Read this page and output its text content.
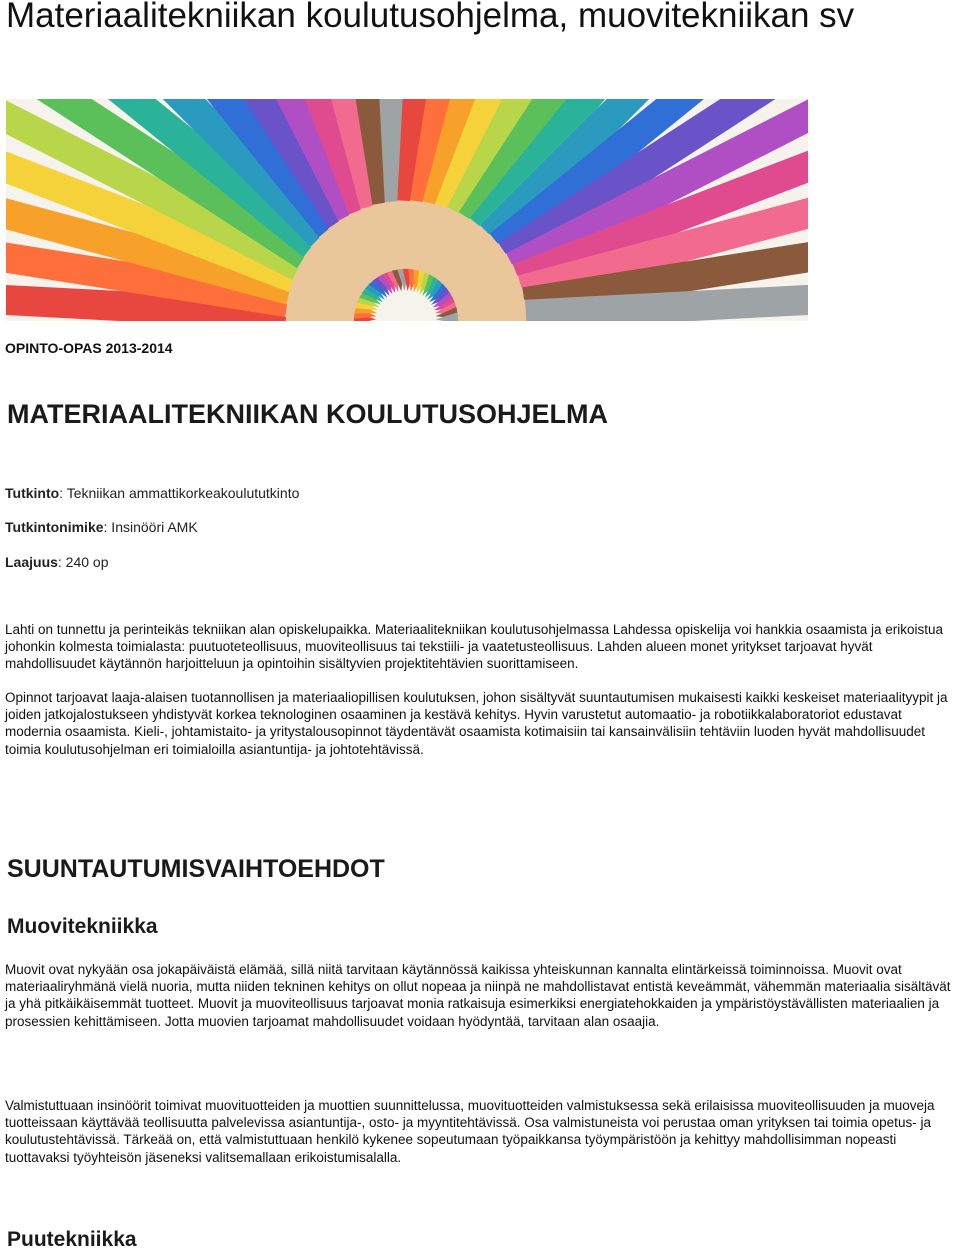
Materiaalitekniikan koulutusohjelma, muovitekniikan sv
OPINTO-OPAS 2013-2014
MATERIAALITEKNIIKAN KOULUTUSOHJELMA
Tutkinto: Tekniikan ammattikorkeakoulututkinto
Tutkintonimike: Insinööri AMK
Laajuus: 240 op

Lahti on tunnettu ja perinteikäs tekniikan alan opiskelupaikka. Materiaalitekniikan koulutusohjelmassa Lahdessa opiskelija voi hankkia osaamista ja erikoistua johonkin kolmesta toimialasta: puutuoteteollisuus, muoviteollisuus tai tekstiili- ja vaatetusteollisuus. Lahden alueen monet yritykset tarjoavat hyvät mahdollisuudet käytännön harjoitteluun ja opintoihin sisältyvien projektitehtävien suorittamiseen.

Opinnot tarjoavat laaja-alaisen tuotannollisen ja materiaaliopillisen koulutuksen, johon sisältyvät suuntautumisen mukaisesti kaikki keskeiset materiaalityypit ja joiden jatkojalostukseen yhdistyvät korkea teknologinen osaaminen ja kestävä kehitys. Hyvin varustetut automaatio- ja robotiikkalaboratoriot edustavat modernia osaamista. Kieli-, johtamistaito- ja yritystalousopinnot täydentävät osaamista kotimaisiin tai kansainvälisiin tehtäviin luoden hyvät mahdollisuudet toimia koulutusohjelman eri toimialoilla asiantuntija- ja johtotehtävissä.

SUUNTAUTUMISVAIHTOEHDOT
Muovitekniikka

Muovit ovat nykyään osa jokapäiväistä elämää, sillä niitä tarvitaan käytännössä kaikissa yhteiskunnan kannalta elintärkeissä toiminnoissa. Muovit ovat materiaaliryhmänä vielä nuoria, mutta niiden tekninen kehitys on ollut nopeaa ja niinpä ne mahdollistavat entistä keveämmät, vähemmän materiaalia sisältävät ja yhä pitkäikäisemmät tuotteet. Muovit ja muoviteollisuus tarjoavat monia ratkaisuja esimerkiksi energiatehokkaiden ja ympäristöystävällisten materiaalien ja prosessien kehittämiseen. Jotta muovien tarjoamat mahdollisuudet voidaan hyödyntää, tarvitaan alan osaajia.

Valmistuttuaan insinöörit toimivat muovituotteiden ja muottien suunnittelussa, muovituotteiden valmistuksessa sekä erilaisissa muoviteollisuuden ja muoveja tuotteissaan käyttävää teollisuutta palvelevissa asiantuntija-, osto- ja myyntitehtävissä. Osa valmistuneista voi perustaa oman yrityksen tai toimia opetus- ja koulutustehtävissä. Tärkeää on, että valmistuttuaan henkilö kykenee sopeutumaan työpaikkansa työympäristöön ja kehittyy mahdollisimman nopeasti tuottavaksi työyhteisön jäseneksi valitsemallaan erikoistumisalalla.

Puutekniikka
